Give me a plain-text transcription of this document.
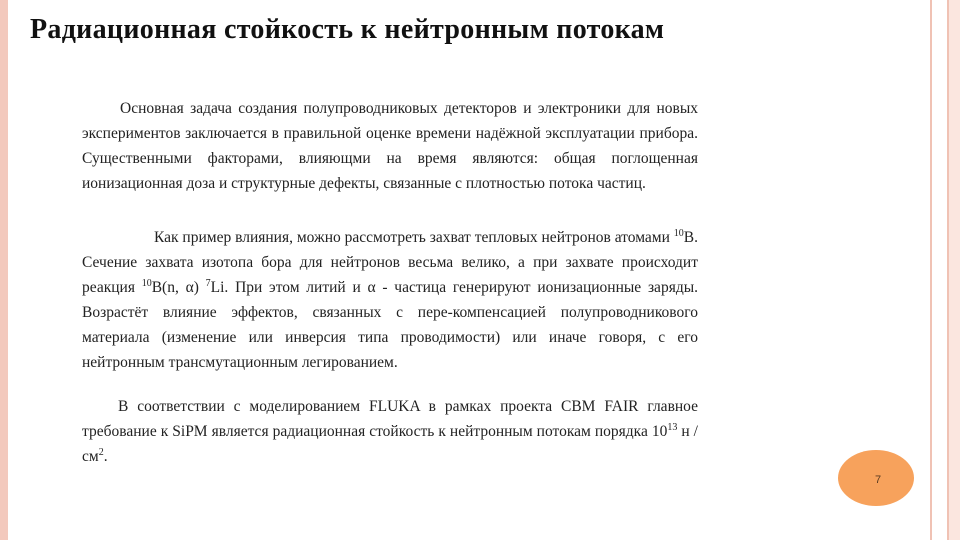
Радиационная стойкость к нейтронным потокам

Основная задача создания полупроводниковых детекторов и электроники для новых экспериментов заключается в правильной оценке времени надёжной эксплуатации прибора. Существенными факторами, влияющми на время являются: общая поглощенная ионизационная доза и структурные дефекты, связанные с плотностью потока частиц.

Как пример влияния, можно рассмотреть захват тепловых нейтронов атомами $^{10}$B. Сечение захвата изотопа бора для нейтронов весьма велико, а при захвате происходит реакция $^{10}$B(n, α) $^7$Li. При этом литий и α - частица генерируют ионизационные заряды. Возрастёт влияние эффектов, связанных с пере-компенсацией полупроводникового материала (изменение или инверсия типа проводимости) или иначе говоря, с его нейтронным трансмутационным легированием.

В соответствии с моделированием FLUKA в рамках проекта CBM FAIR главное требование к SiPM является радиационная стойкость к нейтронным потокам порядка $10^{13}$ н / $см^2$.

7
